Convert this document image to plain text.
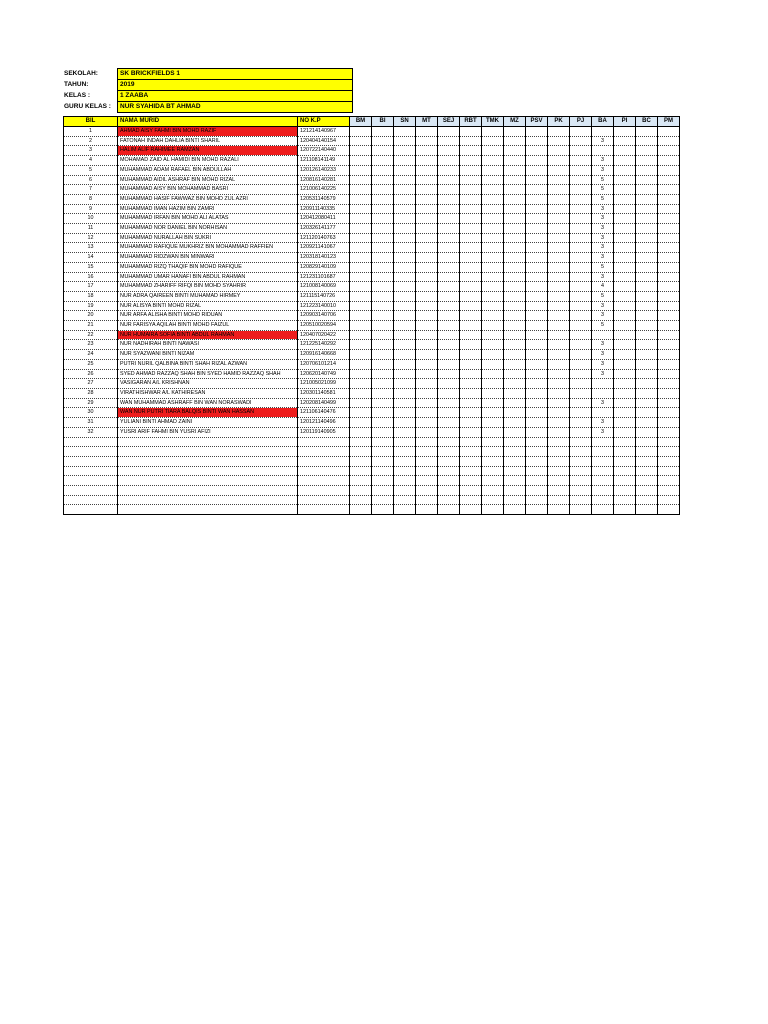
SEKOLAH:	SK BRICKFIELDS 1
TAHUN:	2019
KELAS :	1 ZAABA
GURU KELAS :	NUR SYAHIDA BT AHMAD
BIL	NAMA MURID	NO K.P	BM	BI	SN	MT	SEJ	RBT	TMK	MZ	PSV	PK	PJ	BA	PI	BC	PM
1	AHMAD AISY FAHMI BIN MOHD RAZIF	121214140967															
2	FATONAH INDAH DAHLIA BINTI SHARIL	120404140154												3			
3	HALIM ALIF RAHIMEE RAMZAN	120722140440															
4	MOHAMAD ZAID AL HAMIDI BIN MOHD RAZALI	121108141149												3			
5	MUHAMMAD ADAM RAFAEL BIN ABDULLAH	120126140233												3			
6	MUHAMMAD AIDIL ASHRAF BIN MOHD RIZAL	120816140281												5			
7	MUHAMMAD AISY BIN MOHAMMAD BASRI	121006140225												5			
8	MUHAMMAD HASIF FAWWAZ BIN MOHD ZUL AZRI	120531140579												5			
9	MUHAMMAD IMAN HAZIM BIN ZAMRI	120911140335												3			
10	MUHAMMAD IRFAN BIN MOHD ALI ALATAS	120412080411												3			
11	MUHAMMAD NOR DANIEL BIN NORHISAN	120326141177												3			
12	MUHAMMAD NURALLAH BIN SUKRI	121120140763												3			
13	MUHAMMAD RAFIQUE MUKHRIZ BIN MOHAMMAD RAFFIEN	120921141067												3			
14	MUHAMMAD RIDZWAN BIN MINWARI	120318140123												3			
15	MUHAMMAD RIZQ THAQIF BIN MOHD RAFIQUE	120829140109												5			
16	MUHAMMAD UMAR HANAFI BIN ABDUL RAHMAN	121231101687												3			
17	MUHAMMAD ZHARIFF RIFQI BIN MOHD SYAHRIR	121008140069												4			
18	NUR ADRA QAIREEN BINTI MUHAMAD HIRMEY	121115140726												5			
19	NUR ALISYA BINTI MOHD RIZAL	121223140010												3			
20	NUR ARFA ALISHA BINTI MOHD RIDUAN	120903140706												3			
21	NUR FARISYA AQILAH BINTI MOHD FAIZUL	120510020594												5			
22	NUR HUMAIRA SOFIA BINTI ABDUL RAHMAN	120407020422															
23	NUR NADHIRAH BINTI NAWASI	121225140292												3			
24	NUR SYAZWANI BINTI NIZAM	120916140668												3			
25	PUTRI NURIL QALBINA BINTI SHAH RIZAL AZWAN	120706101214												3			
26	SYED AHMAD RAZZAQ SHAH BIN SYED HAMID RAZZAQ SHAH	120620140749												3			
27	VASIGARAN A/L KRISHNAN	121005021099															
28	VIRATHISHWAR A/L KATHIRESAN	120301140581															
29	WAN MUHAMMAD ASHRAFF BIN WAN NORASWADI	120208140499												3			
30	WAN NUR PUTRI TIARA BALQIS BINTI WAN HASSAN	121106140476															
31	YULIANI BINTI AHMAD ZAINI	120121140496												3			
32	YUSRI ARIF FAHMI BIN YUSRI AFIZI	120119140905												3			
